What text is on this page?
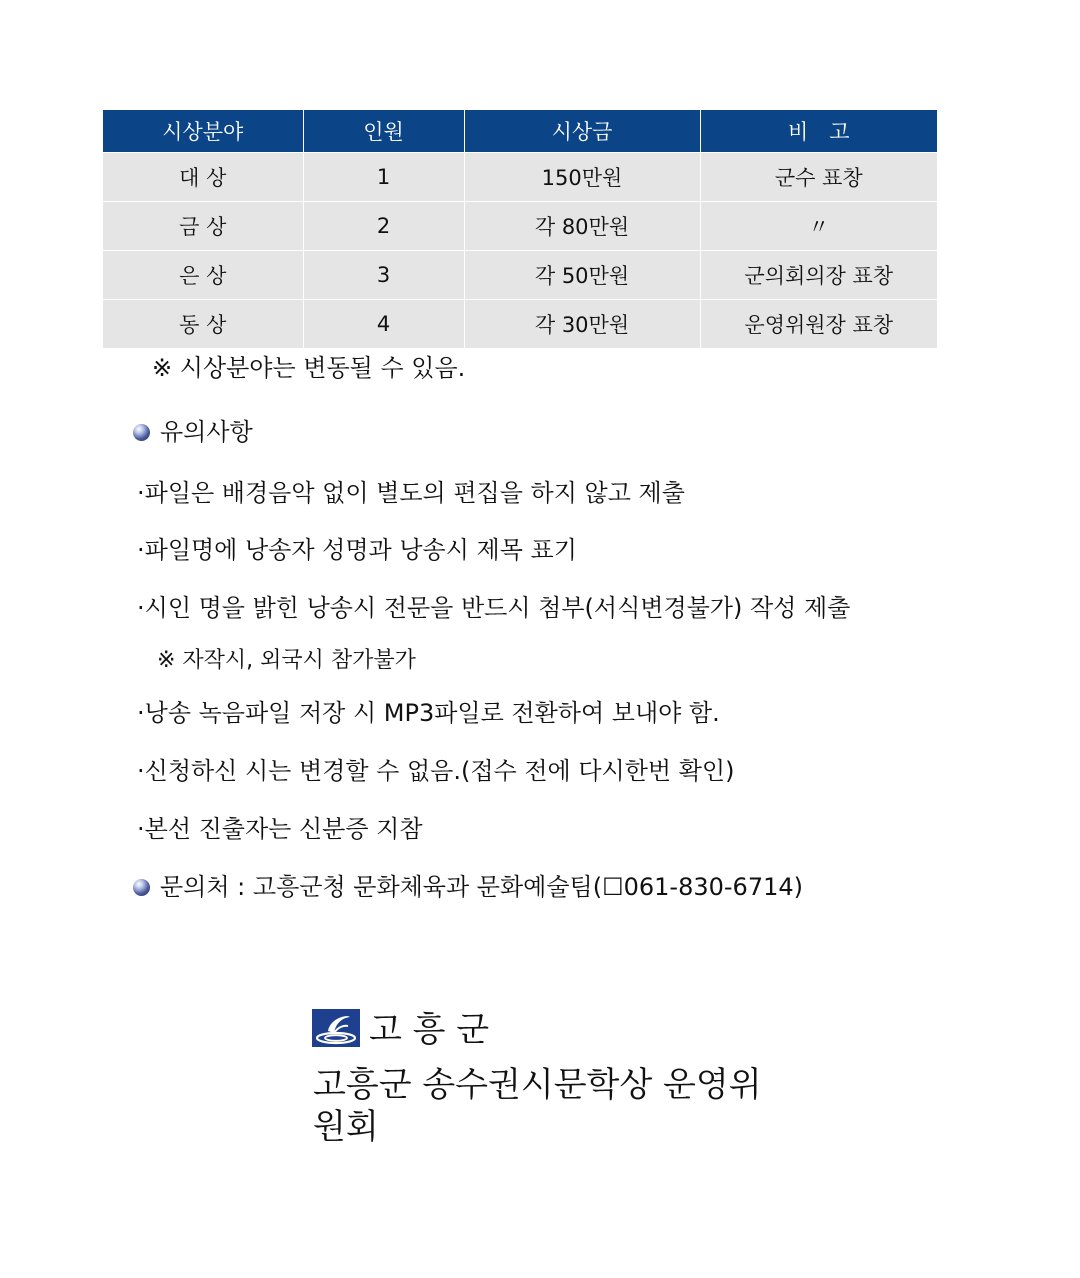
시상분야	인원	시상금	비　고
대 상	1	150만원	군수 표창
금 상	2	각 80만원	〃
은 상	3	각 50만원	군의회의장 표창
동 상	4	각 30만원	운영위원장 표창
※ 시상분야는 변동될 수 있음.
유의사항
·파일은 배경음악 없이 별도의 편집을 하지 않고 제출
·파일명에 낭송자 성명과 낭송시 제목 표기
·시인 명을 밝힌 낭송시 전문을 반드시 첨부(서식변경불가) 작성 제출
※ 자작시, 외국시 참가불가
·낭송 녹음파일 저장 시 MP3파일로 전환하여 보내야 함.
·신청하신 시는 변경할 수 없음.(접수 전에 다시한번 확인)
·본선 진출자는 신분증 지참
문의처 : 고흥군청 문화체육과 문화예술팀(☐061-830-6714)
고 흥 군
고흥군 송수권시문학상 운영위원회
